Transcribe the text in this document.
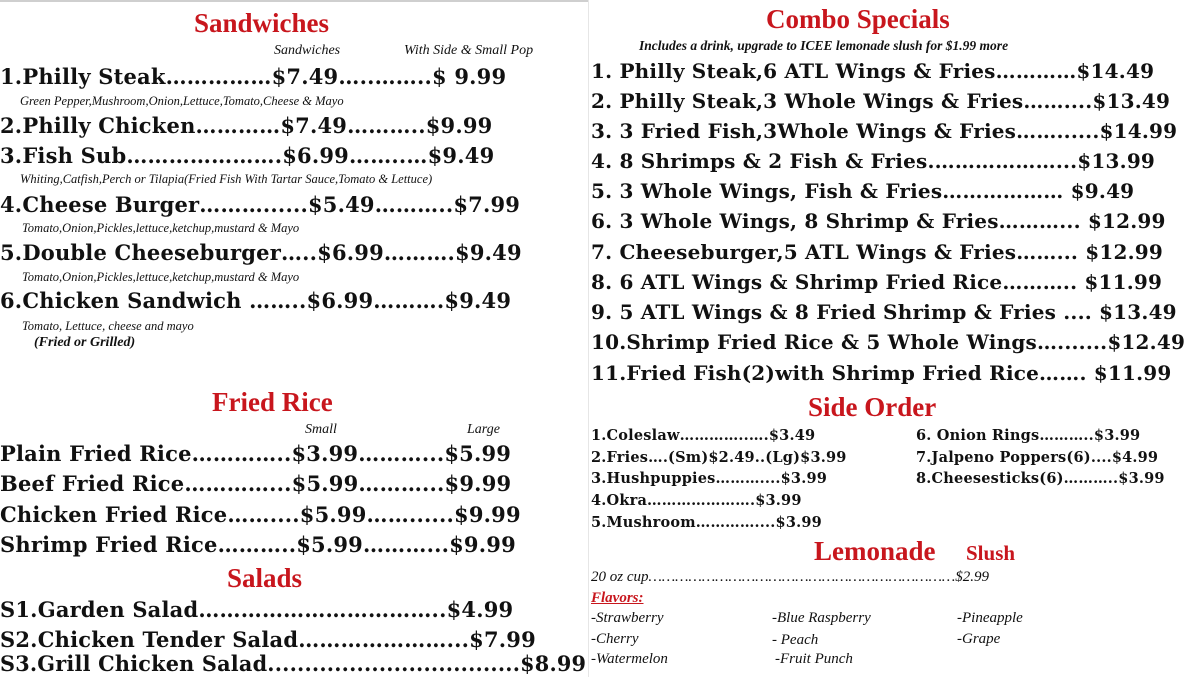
Sandwiches
Sandwiches	With Side & Small Pop
1.Philly Steak……………$7.49…..……..$ 9.99
Green Pepper,Mushroom,Onion,Lettuce,Tomato,Cheese & Mayo
2.Philly Chicken…………$7.49………..$9.99
3.Fish Sub………………….$6.99……..…$9.49
Whiting,Catfish,Perch or Tilapia(Fried Fish With Tartar Sauce,Tomato & Lettuce)
4.Cheese Burger………......$5.49………..$7.99
Tomato,Onion,Pickles,lettuce,ketchup,mustard & Mayo
5.Double Cheeseburger…..$6.99……….$9.49
Tomato,Onion,Pickles,lettuce,ketchup,mustard & Mayo
6.Chicken Sandwich ……..$6.99……….$9.49
Tomato, Lettuce, cheese and mayo
(Fried or Grilled)
Fried Rice
Small	Large
Plain Fried Rice…………..$3.99………...$5.99
Beef Fried Rice…………...$5.99………...$9.99
Chicken Fried Rice……....$5.99……......$9.99
Shrimp Fried Rice………..$5.99………...$9.99
Salads
S1.Garden Salad……………………………..$4.99
S2.Chicken Tender Salad…………………...$7.99
S3.Grill Chicken Salad..................................$8.99
Combo Specials
Includes a drink, upgrade to ICEE lemonade slush for $1.99 more
1. Philly Steak,6 ATL Wings & Fries…………$14.49
2. Philly Steak,3 Whole Wings & Fries……....$13.49
3. 3 Fried Fish,3Whole Wings & Fries……......$14.99
4. 8 Shrimps & 2 Fish & Fries.………………...$13.99
5. 3 Whole Wings, Fish & Fries……………… $9.49
6. 3 Whole Wings, 8 Shrimp & Fries………... $12.99
7. Cheeseburger,5 ATL Wings & Fries……... $12.99
8. 6 ATL Wings & Shrimp Fried Rice……….. $11.99
9. 5 ATL Wings & 8 Fried Shrimp & Fries .... $13.49
10.Shrimp Fried Rice & 5 Whole Wings….......$12.49
11.Fried Fish(2)with Shrimp Fried Rice……. $11.99
Side Order
1.Coleslaw…………..….$3.49
2.Fries….(Sm)$2.49..(Lg)$3.99
3.Hushpuppies………....$3.99
4.Okra………………….$3.99
5.Mushroom…………....$3.99
6. Onion Rings………..$3.99
7.Jalpeno Poppers(6)....$4.99
8.Cheesesticks(6)………..$3.99
Lemonade Slush
20 oz cup……………………………………………………………$2.99
Flavors:
-Strawberry
-Cherry
-Watermelon
-Blue Raspberry
- Peach
-Fruit Punch
-Pineapple
-Grape
